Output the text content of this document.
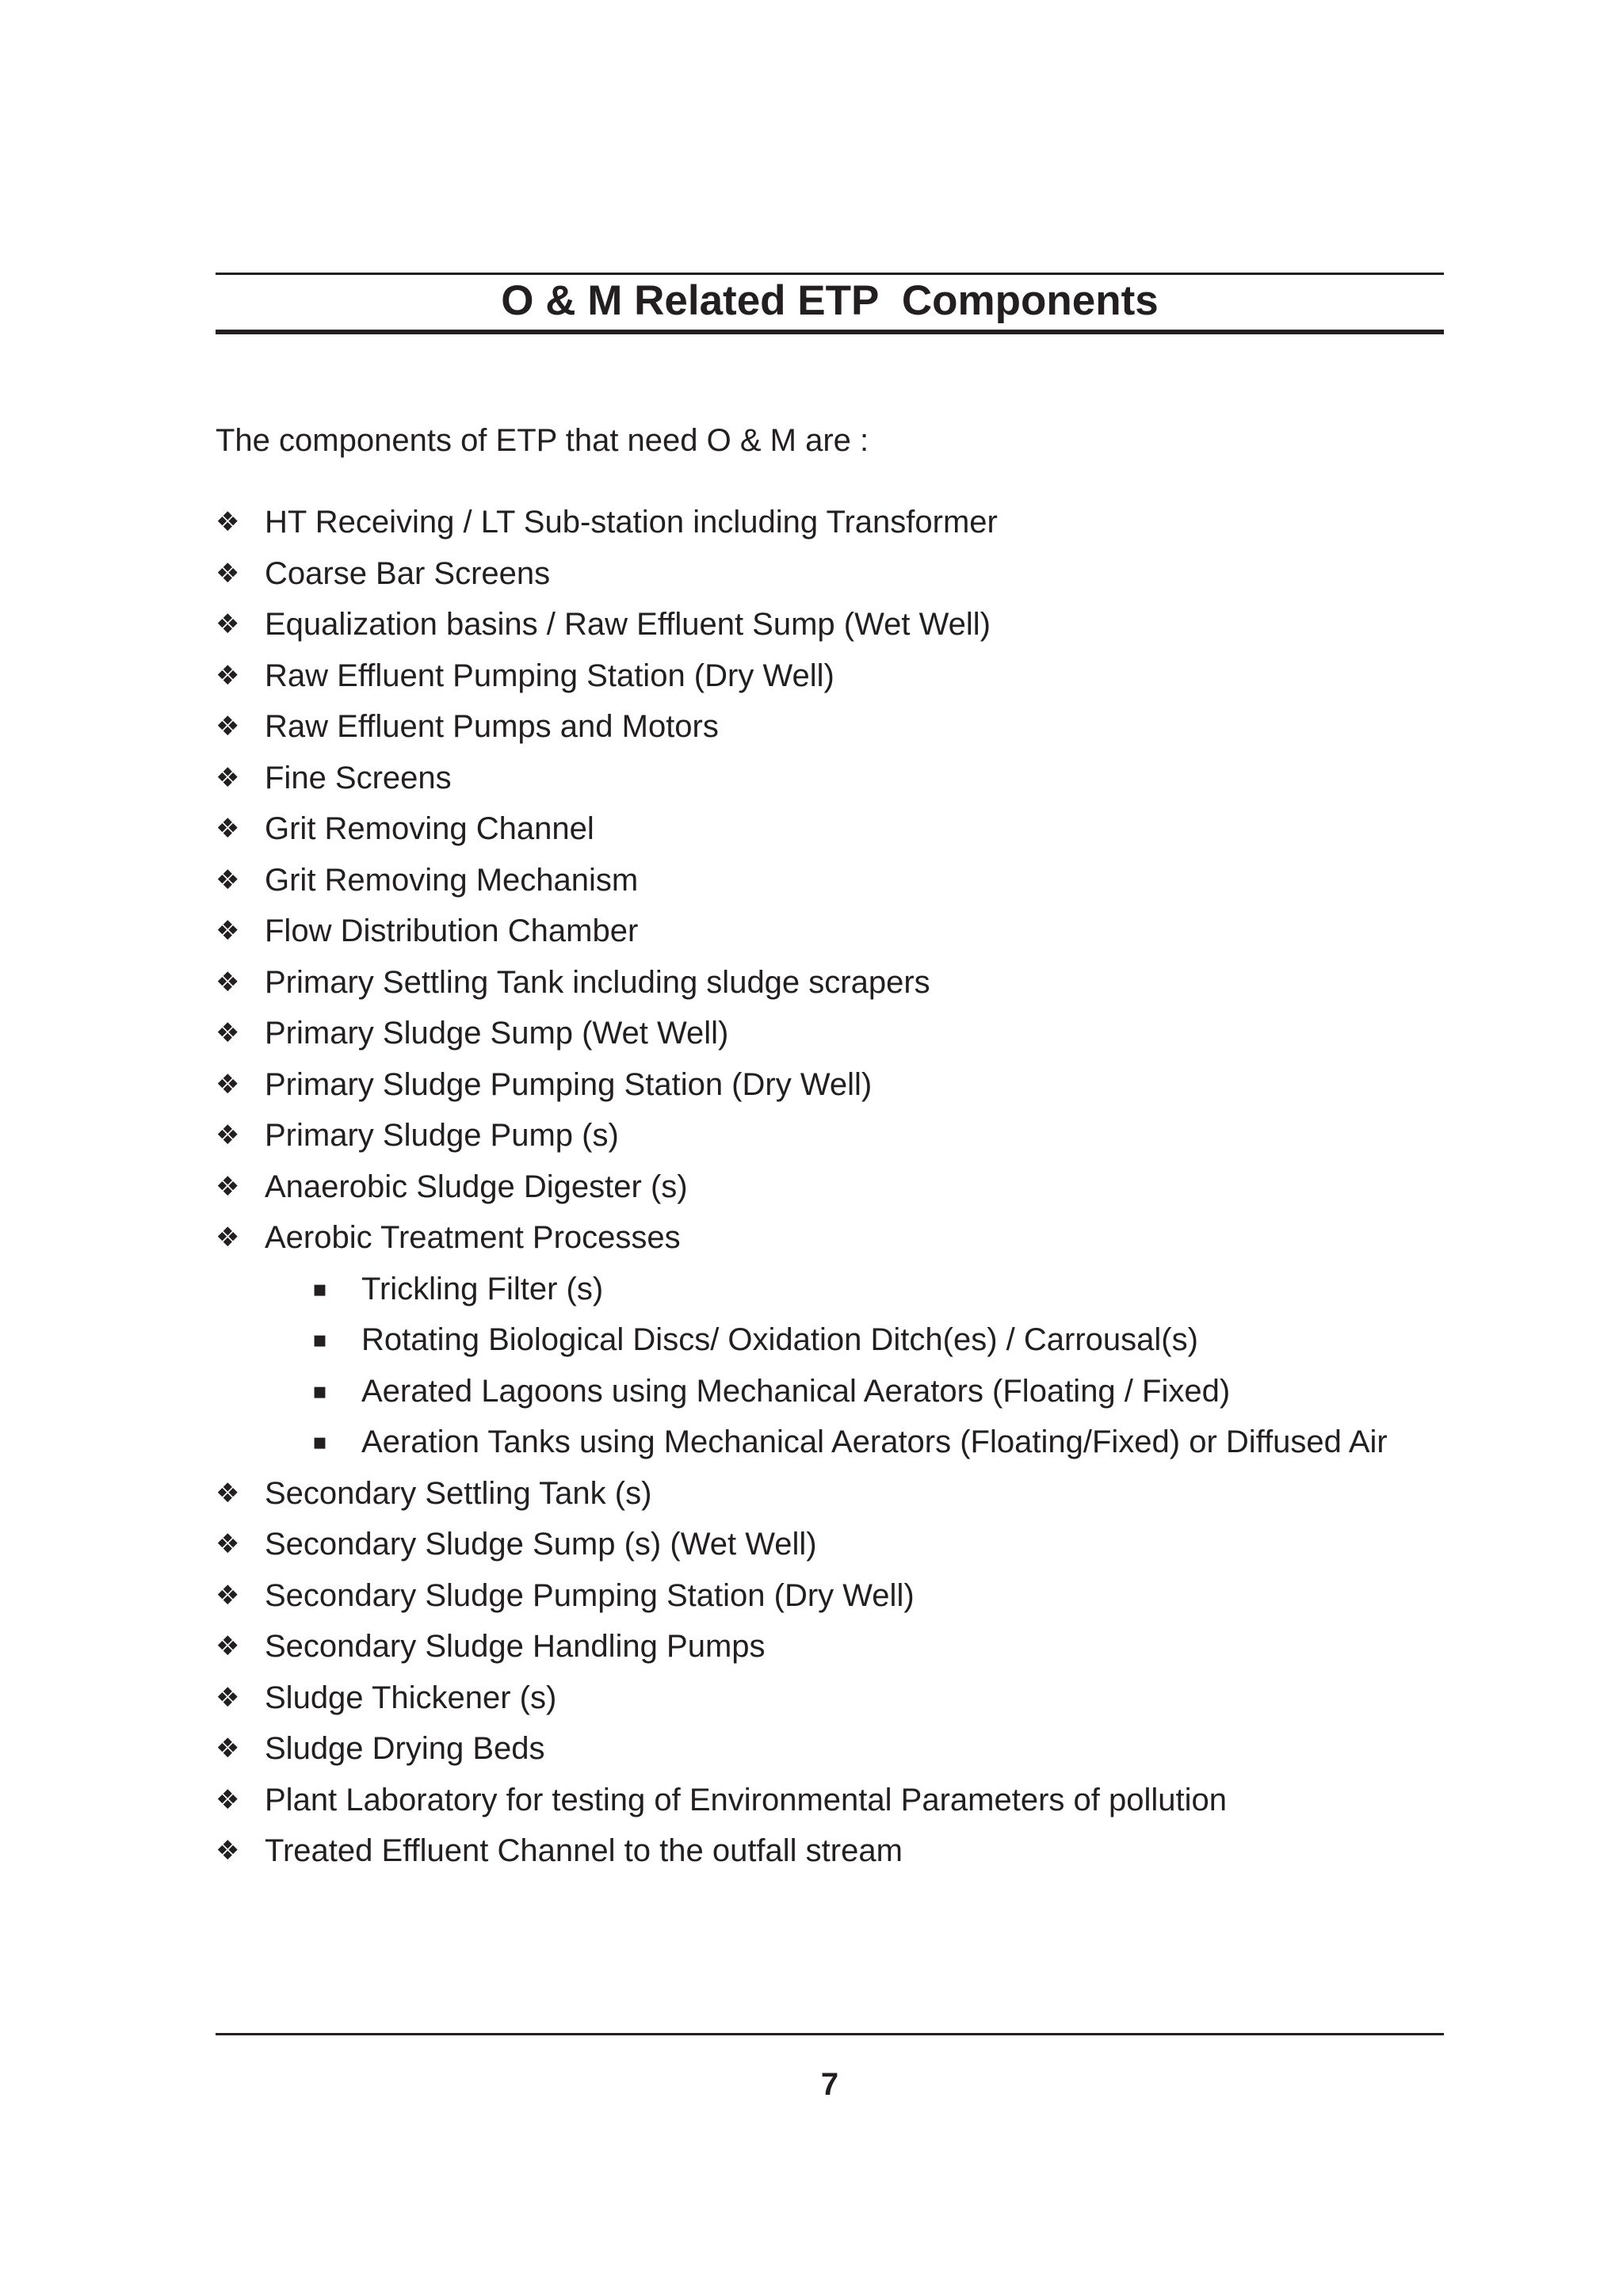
O & M Related ETP  Components

The components of ETP that need O & M are :

❖ HT Receiving / LT Sub-station including Transformer
❖ Coarse Bar Screens
❖ Equalization basins / Raw Effluent Sump (Wet Well)
❖ Raw Effluent Pumping Station (Dry Well)
❖ Raw Effluent Pumps and Motors
❖ Fine Screens
❖ Grit Removing Channel
❖ Grit Removing Mechanism
❖ Flow Distribution Chamber
❖ Primary Settling Tank including sludge scrapers
❖ Primary Sludge Sump (Wet Well)
❖ Primary Sludge Pumping Station (Dry Well)
❖ Primary Sludge Pump (s)
❖ Anaerobic Sludge Digester (s)
❖ Aerobic Treatment Processes
▪ Trickling Filter (s)
▪ Rotating Biological Discs/ Oxidation Ditch(es) / Carrousal(s)
▪ Aerated Lagoons using Mechanical Aerators (Floating / Fixed)
▪ Aeration Tanks using Mechanical Aerators (Floating/Fixed) or Diffused Air
❖ Secondary Settling Tank (s)
❖ Secondary Sludge Sump (s) (Wet Well)
❖ Secondary Sludge Pumping Station (Dry Well)
❖ Secondary Sludge Handling Pumps
❖ Sludge Thickener (s)
❖ Sludge Drying Beds
❖ Plant Laboratory for testing of Environmental Parameters of pollution
❖ Treated Effluent Channel to the outfall stream
7
